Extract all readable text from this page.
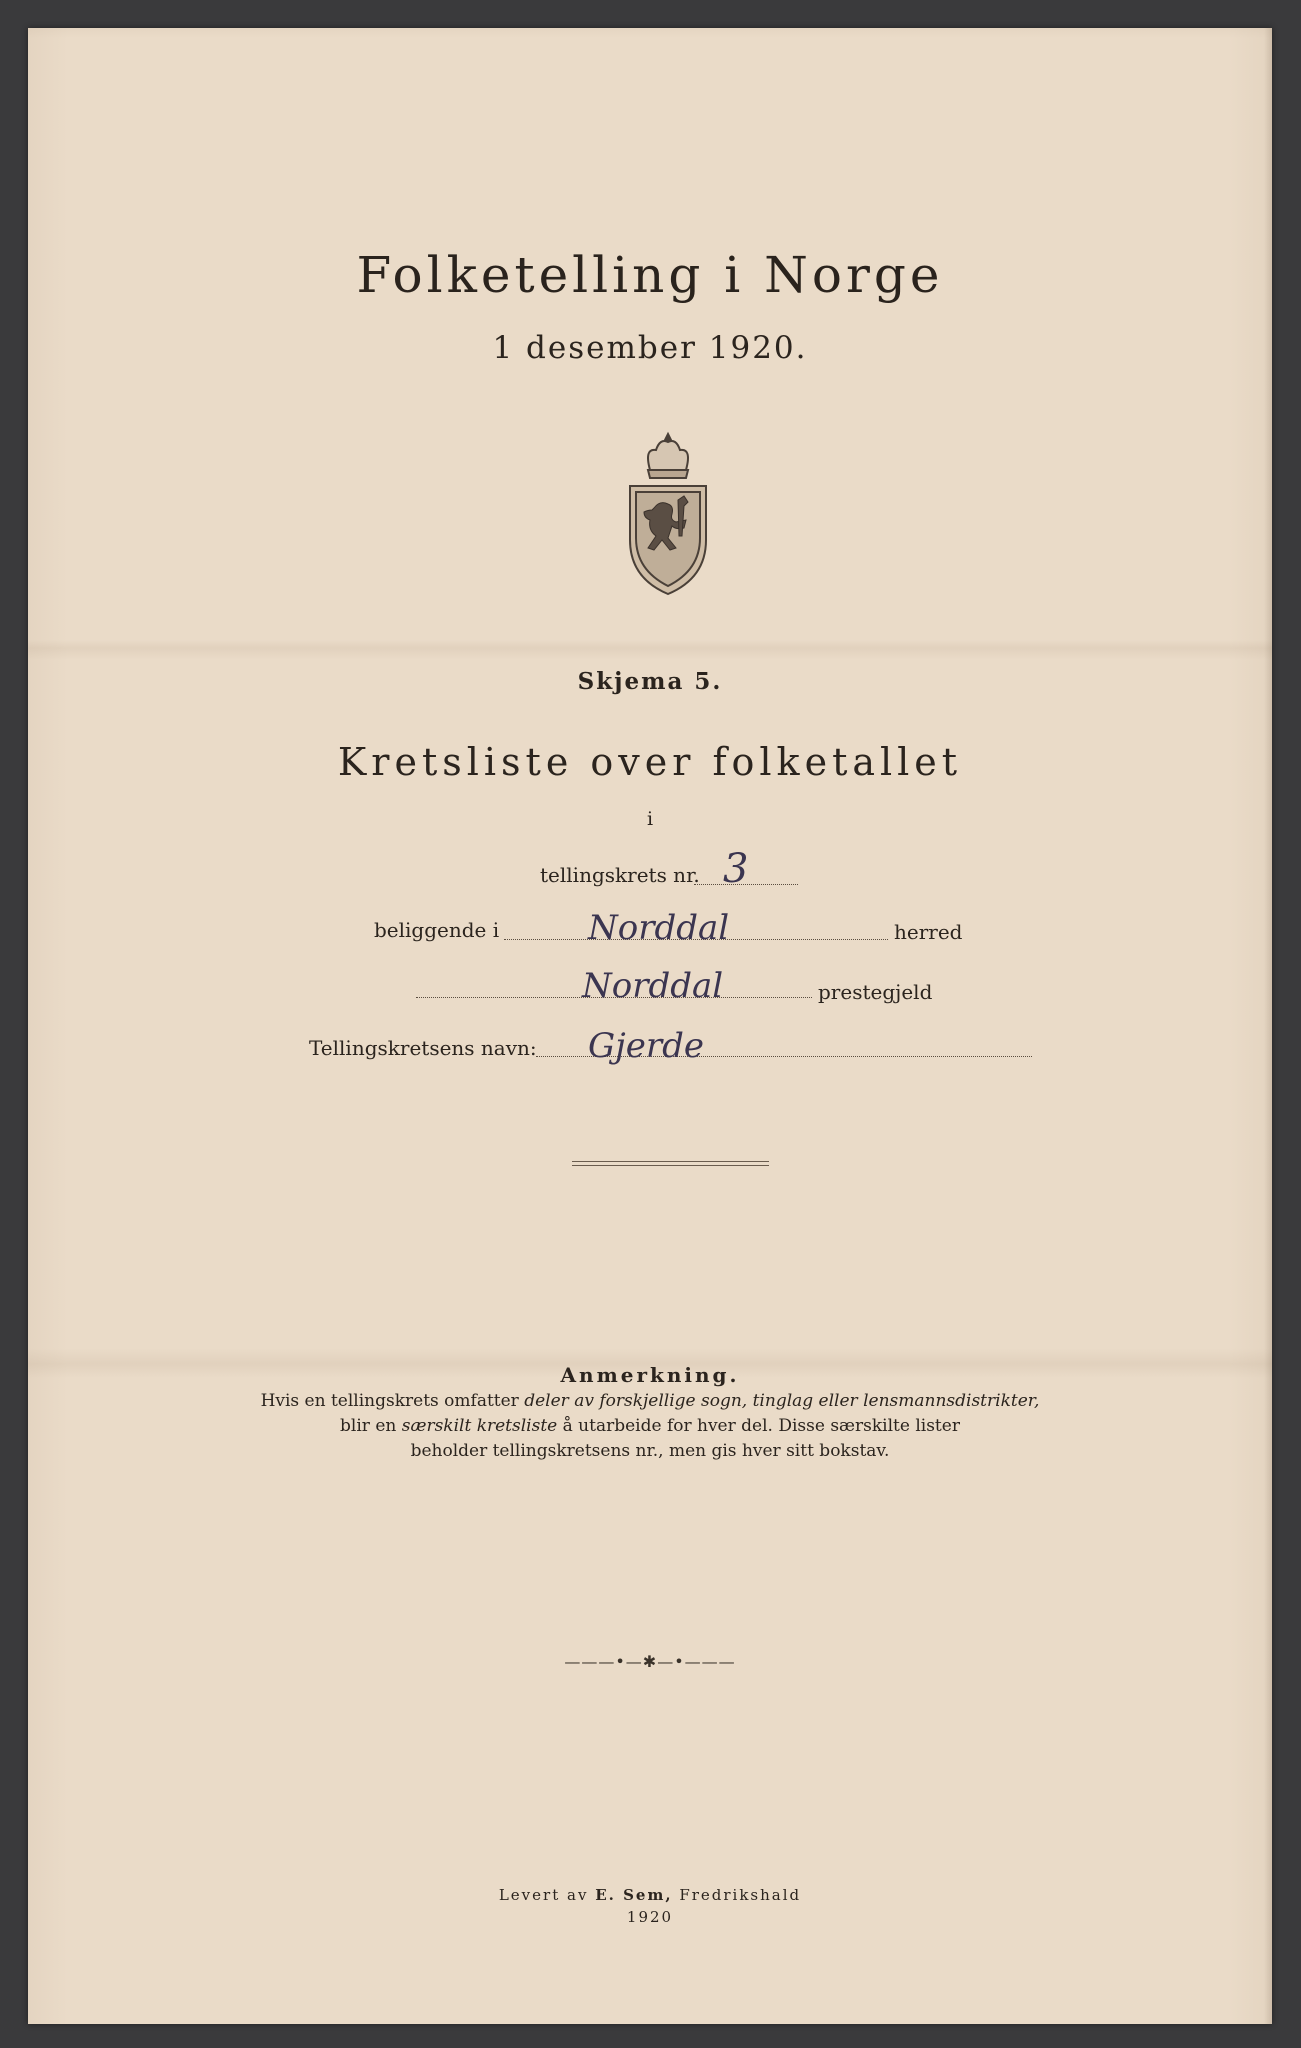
Folketelling i Norge
1 desember 1920.
Skjema 5.
Kretsliste over folketallet
i
tellingskrets nr. 3
beliggende i	Norddal	herred
Norddal	prestegjeld
Tellingskretsens navn: Gjerde
Anmerkning.
Hvis en tellingskrets omfatter deler av forskjellige sogn, tinglag eller lensmannsdistrikter,
blir en særskilt kretsliste å utarbeide for hver del. Disse særskilte lister
beholder tellingskretsens nr., men gis hver sitt bokstav.
———•—✱—•———
Levert av E. Sem, Fredrikshald
1920
